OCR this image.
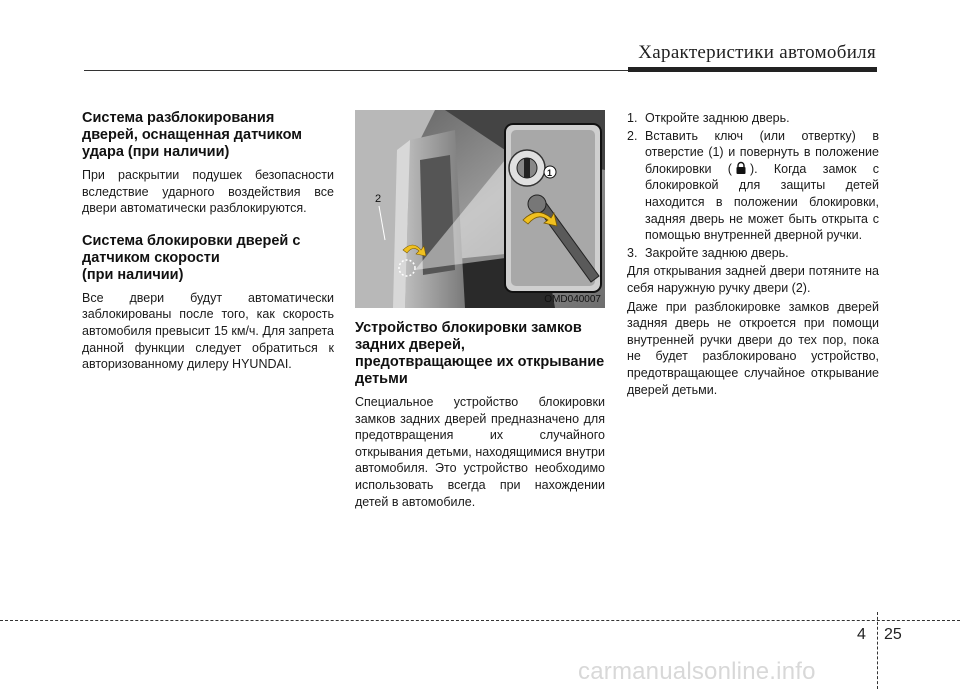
Характеристики автомобиля
Система разблокирования дверей, оснащенная датчиком удара (при наличии)

При раскрытии подушек безопасности вследствие ударного воздействия все двери автоматически разблокируются.

Система блокировки дверей с датчиком скорости
(при наличии)

Все двери будут автоматически заблокированы после того, как скорость автомобиля превысит 15 км/ч. Для запрета данной функции следует обратиться к авторизованному дилеру HYUNDAI.

2
1
OMD040007
Устройство блокировки замков задних дверей, предотвращающее их открывание детьми

Специальное устройство блокировки замков задних дверей предназначено для предотвращения их случайного открывания детьми, находящимися внутри автомобиля. Это устройство необходимо использовать всегда при нахождении детей в автомобиле.

1. Откройте заднюю дверь.
2. Вставить ключ (или отвертку) в отверстие (1) и повернуть в положение блокировки ( ). Когда замок с блокировкой для защиты детей находится в положении блокировки, задняя дверь не может быть открыта с помощью внутренней дверной ручки.
3. Закройте заднюю дверь.

Для открывания задней двери потяните на себя наружную ручку двери (2).

Даже при разблокировке замков дверей задняя дверь не откроется при помощи внутренней ручки двери до тех пор, пока не будет разблокировано устройство, предотвращающее случайное открывание дверей детьми.

4 25
carmanualsonline.info
